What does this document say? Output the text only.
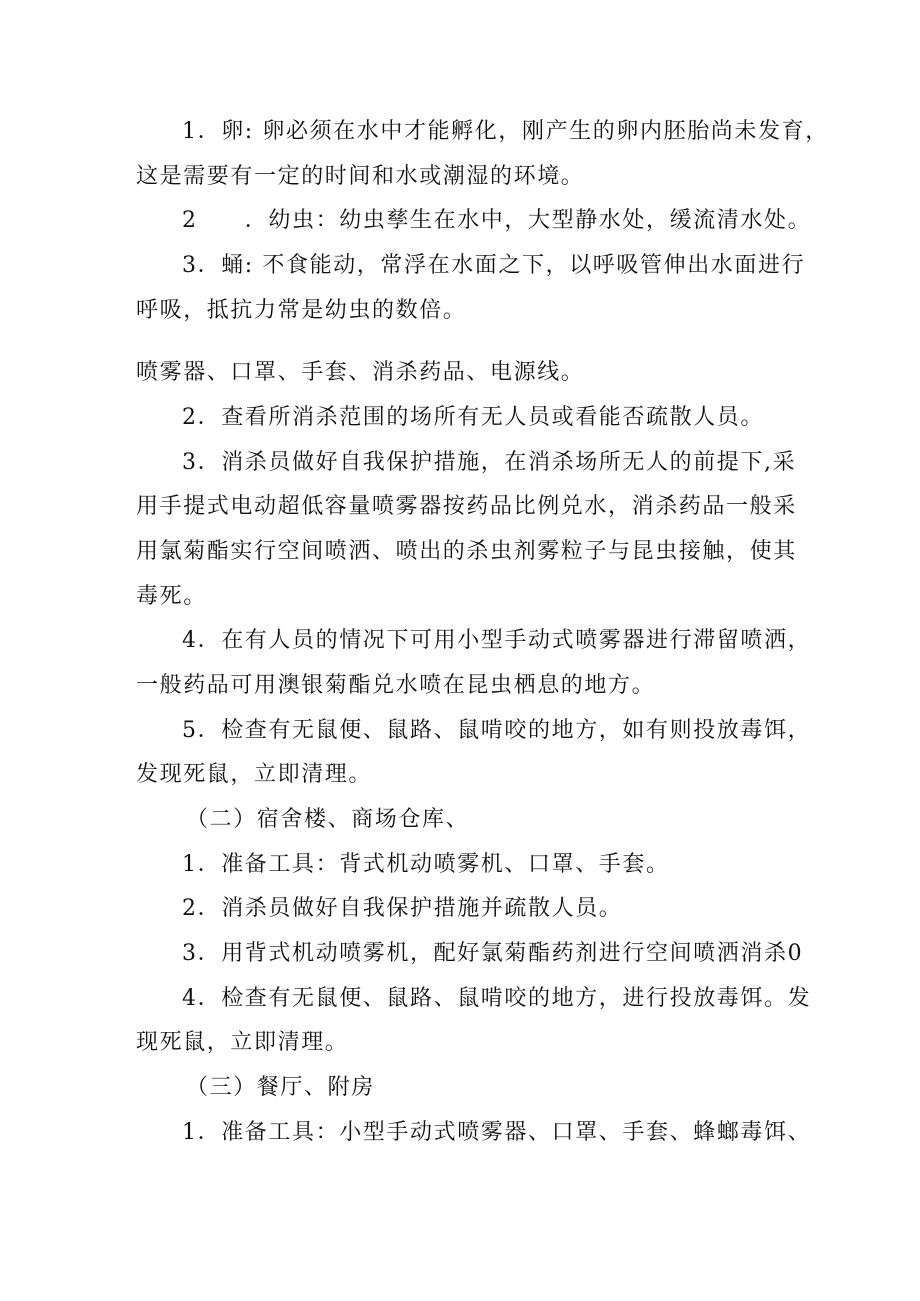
1．卵: 卵必须在水中才能孵化，刚产生的卵内胚胎尚未发育，
这是需要有一定的时间和水或潮湿的环境。
2　　．幼虫：幼虫孳生在水中，大型静水处，缓流清水处。
3．蛹: 不食能动，常浮在水面之下，以呼吸管伸出水面进行
呼吸，抵抗力常是幼虫的数倍。
喷雾器、口罩、手套、消杀药品、电源线。
2．查看所消杀范围的场所有无人员或看能否疏散人员。
3．消杀员做好自我保护措施，在消杀场所无人的前提下,采
用手提式电动超低容量喷雾器按药品比例兑水，消杀药品一般采
用氯菊酯实行空间喷洒、喷出的杀虫剂雾粒子与昆虫接触，使其
毒死。
4．在有人员的情况下可用小型手动式喷雾器进行滞留喷洒，
一般药品可用澳银菊酯兑水喷在昆虫栖息的地方。
5．检查有无鼠便、鼠路、鼠啃咬的地方，如有则投放毒饵，
发现死鼠，立即清理。
（二）宿舍楼、商场仓库、
1．准备工具：背式机动喷雾机、口罩、手套。
2．消杀员做好自我保护措施并疏散人员。
3．用背式机动喷雾机，配好氯菊酯药剂进行空间喷洒消杀0
4．检查有无鼠便、鼠路、鼠啃咬的地方，进行投放毒饵。发
现死鼠，立即清理。
（三）餐厅、附房
1．准备工具：小型手动式喷雾器、口罩、手套、蜂螂毒饵、
